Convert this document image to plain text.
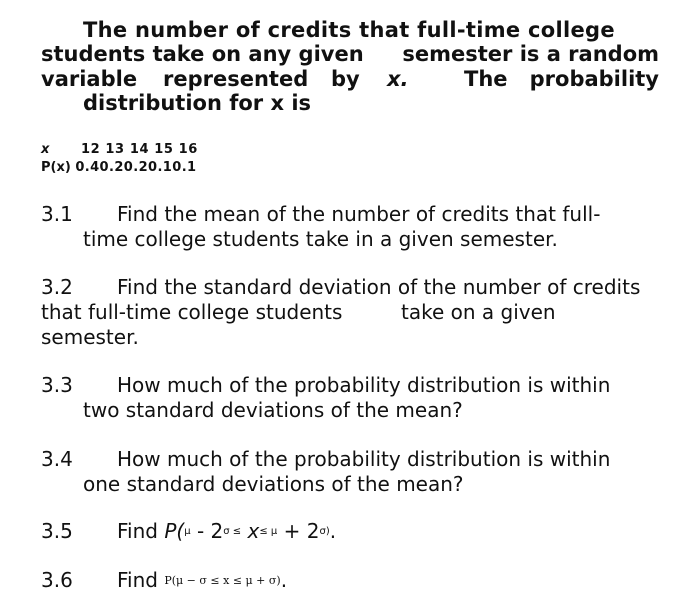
The number of credits that full-time college
students take on any given semester is a random
variable represented by x.	The probability
distribution for x is
x 12 13 14 15 16
P(x) 0.40.20.20.10.1
3.1 Find the mean of the number of credits that full-
time college students take in a given semester.
3.2 Find the standard deviation of the number of credits
that full-time college students	take on a given
semester.
3.3 How much of the probability distribution is within
two standard deviations of the mean?
3.4 How much of the probability distribution is within
one standard deviations of the mean?
3.5 Find $P(^\mu - 2^{\sigma \le}$ $x^{\le \mu} + 2^{\sigma)}$.
3.6 Find P(μ − σ ≤ x ≤ μ + σ).
